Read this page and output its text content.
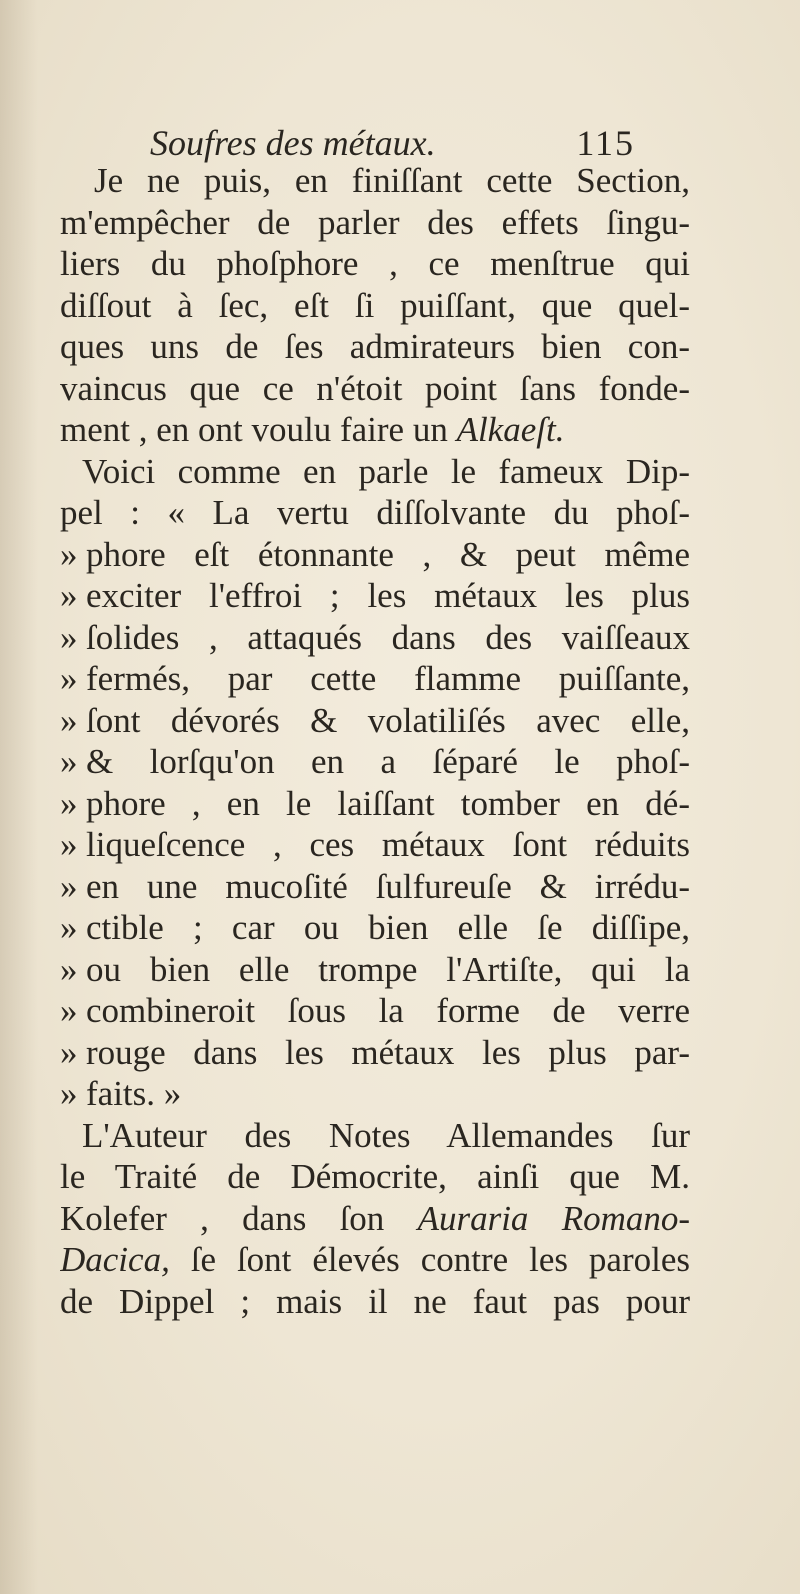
Soufres des métaux.	115
Je ne puis, en finiſſant cette Section,
m'empêcher de parler des effets ſingu-
liers du phoſphore , ce menſtrue qui
diſſout à ſec, eſt ſi puiſſant, que quel-
ques uns de ſes admirateurs bien con-
vaincus que ce n'étoit point ſans fonde-
ment , en ont voulu faire un Alkaeſt.
Voici comme en parle le fameux Dip-
pel : « La vertu diſſolvante du phoſ-
» phore eſt étonnante , & peut même
» exciter l'effroi ; les métaux les plus
» ſolides , attaqués dans des vaiſſeaux
» fermés, par cette flamme puiſſante,
» ſont dévorés & volatiliſés avec elle,
» & lorſqu'on en a ſéparé le phoſ-
» phore , en le laiſſant tomber en dé-
» liqueſcence , ces métaux ſont réduits
» en une mucoſité ſulfureuſe & irrédu-
» ctible ; car ou bien elle ſe diſſipe,
» ou bien elle trompe l'Artiſte, qui la
» combineroit ſous la forme de verre
» rouge dans les métaux les plus par-
» faits. »
L'Auteur des Notes Allemandes ſur
le Traité de Démocrite, ainſi que M.
Kolefer , dans ſon Auraria Romano-
Dacica, ſe ſont élevés contre les paroles
de Dippel ; mais il ne faut pas pour
